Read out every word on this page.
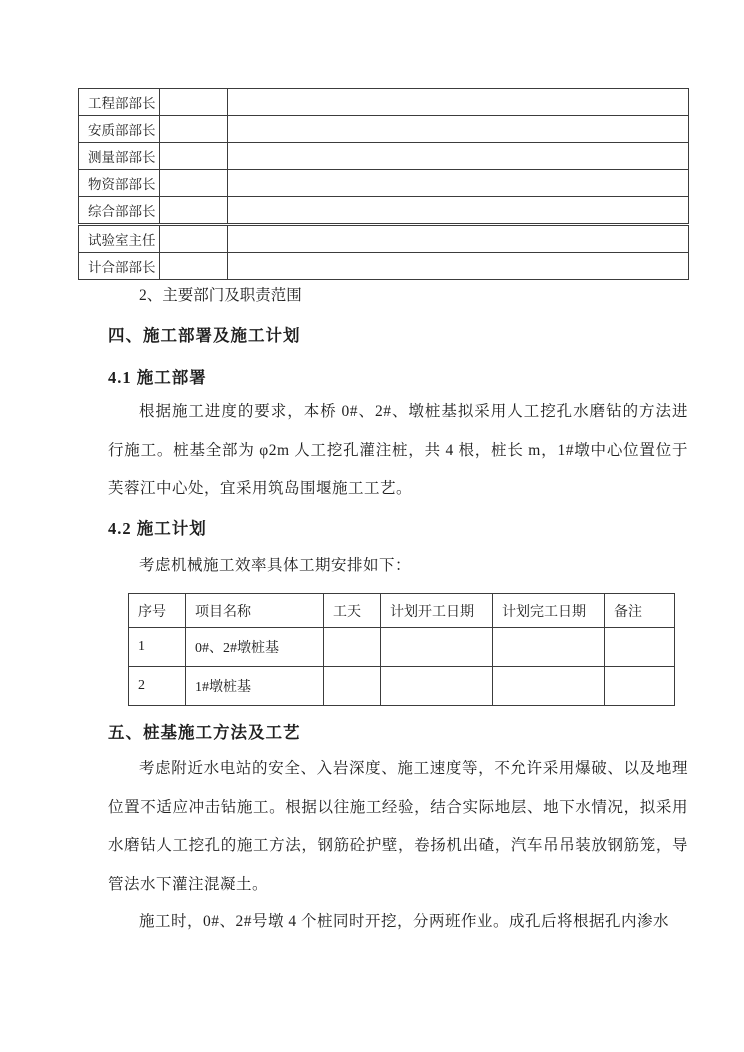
工程部部长		
安质部部长		
测量部部长		
物资部部长		
综合部部长		
试验室主任		
计合部部长		
2、主要部门及职责范围
四、施工部署及施工计划
4.1 施工部署
根据施工进度的要求，本桥 0#、2#、墩桩基拟采用人工挖孔水磨钻的方法进行施工。桩基全部为 φ2m 人工挖孔灌注桩，共 4 根，桩长 m，1#墩中心位置位于芙蓉江中心处，宜采用筑岛围堰施工工艺。
4.2 施工计划
考虑机械施工效率具体工期安排如下：
序号	项目名称	工天	计划开工日期	计划完工日期	备注
1	0#、2#墩桩基				
2	1#墩桩基				
五、桩基施工方法及工艺
考虑附近水电站的安全、入岩深度、施工速度等，不允许采用爆破、以及地理位置不适应冲击钻施工。根据以往施工经验，结合实际地层、地下水情况，拟采用水磨钻人工挖孔的施工方法，钢筋砼护壁，卷扬机出碴，汽车吊吊装放钢筋笼，导管法水下灌注混凝土。
施工时，0#、2#号墩 4 个桩同时开挖，分两班作业。成孔后将根据孔内渗水
